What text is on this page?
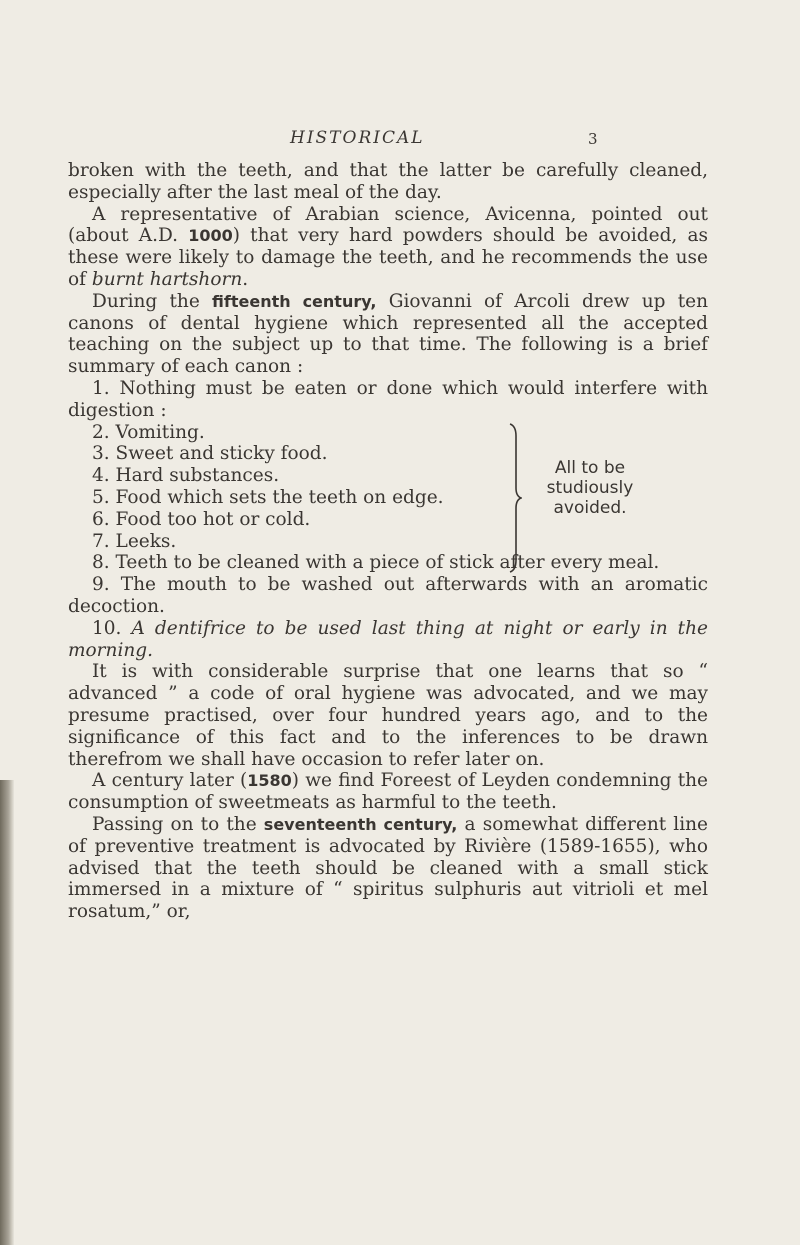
HISTORICAL	3

broken with the teeth, and that the latter be carefully cleaned, especially after the last meal of the day.

A representative of Arabian science, Avicenna, pointed out (about A.D. 1000) that very hard powders should be avoided, as these were likely to damage the teeth, and he recommends the use of burnt hartshorn.

During the fifteenth century, Giovanni of Arcoli drew up ten canons of dental hygiene which represented all the accepted teaching on the subject up to that time. The following is a brief summary of each canon :

1. Nothing must be eaten or done which would interfere with digestion :

2. Vomiting.

3. Sweet and sticky food.

4. Hard substances.

5. Food which sets the teeth on edge.

6. Food too hot or cold.

7. Leeks.

All to be studiously avoided.

8. Teeth to be cleaned with a piece of stick after every meal.

9. The mouth to be washed out afterwards with an aromatic decoction.

10. A dentifrice to be used last thing at night or early in the morning.

It is with considerable surprise that one learns that so “ advanced ” a code of oral hygiene was advocated, and we may presume practised, over four hundred years ago, and to the significance of this fact and to the inferences to be drawn therefrom we shall have occasion to refer later on.

A century later (1580) we find Foreest of Leyden condemning the consumption of sweetmeats as harmful to the teeth.

Passing on to the seventeenth century, a somewhat different line of preventive treatment is advocated by Rivière (1589-1655), who advised that the teeth should be cleaned with a small stick immersed in a mixture of “ spiritus sulphuris aut vitrioli et mel rosatum,” or,
